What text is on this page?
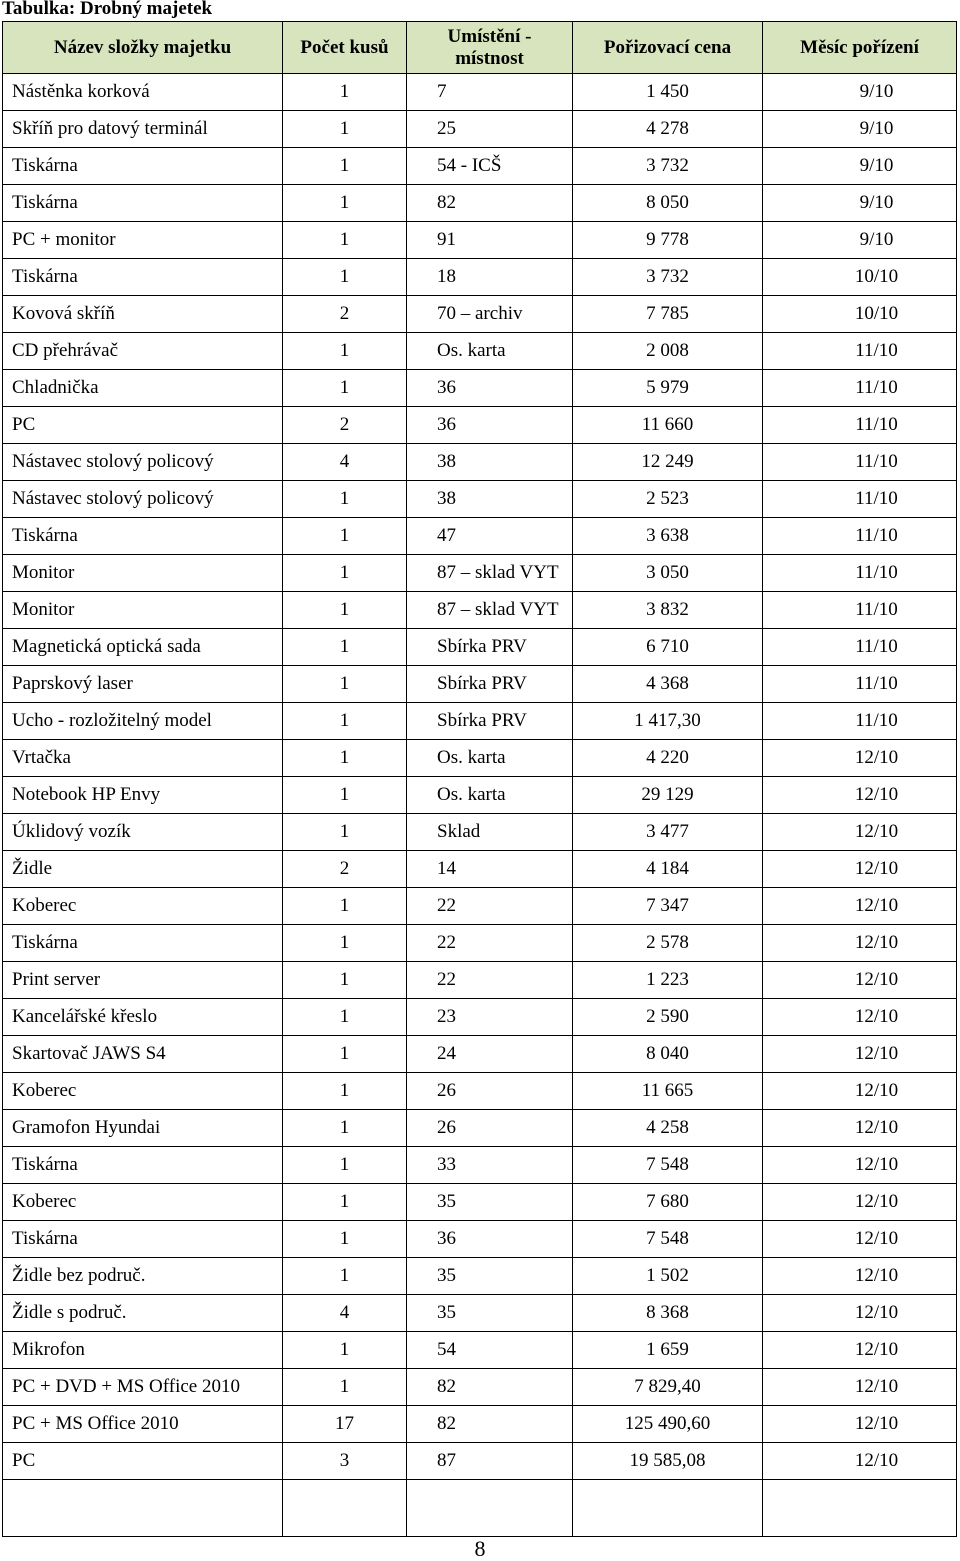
Tabulka: Drobný majetek
Název složky majetku	Počet kusů	Umístění - místnost	Pořizovací cena	Měsíc pořízení
Nástěnka korková	1	7	1 450	9/10
Skříň pro datový terminál	1	25	4 278	9/10
Tiskárna	1	54 - ICŠ	3 732	9/10
Tiskárna	1	82	8 050	9/10
PC + monitor	1	91	9 778	9/10
Tiskárna	1	18	3 732	10/10
Kovová skříň	2	70 – archiv	7 785	10/10
CD přehrávač	1	Os. karta	2 008	11/10
Chladnička	1	36	5 979	11/10
PC	2	36	11 660	11/10
Nástavec stolový policový	4	38	12 249	11/10
Nástavec stolový policový	1	38	2 523	11/10
Tiskárna	1	47	3 638	11/10
Monitor	1	87 – sklad VYT	3 050	11/10
Monitor	1	87 – sklad VYT	3 832	11/10
Magnetická optická sada	1	Sbírka PRV	6 710	11/10
Paprskový laser	1	Sbírka PRV	4 368	11/10
Ucho - rozložitelný model	1	Sbírka PRV	1 417,30	11/10
Vrtačka	1	Os. karta	4 220	12/10
Notebook HP Envy	1	Os. karta	29 129	12/10
Úklidový vozík	1	Sklad	3 477	12/10
Židle	2	14	4 184	12/10
Koberec	1	22	7 347	12/10
Tiskárna	1	22	2 578	12/10
Print server	1	22	1 223	12/10
Kancelářské křeslo	1	23	2 590	12/10
Skartovač JAWS S4	1	24	8 040	12/10
Koberec	1	26	11 665	12/10
Gramofon Hyundai	1	26	4 258	12/10
Tiskárna	1	33	7 548	12/10
Koberec	1	35	7 680	12/10
Tiskárna	1	36	7 548	12/10
Židle bez područ.	1	35	1 502	12/10
Židle s područ.	4	35	8 368	12/10
Mikrofon	1	54	1 659	12/10
PC + DVD + MS Office 2010	1	82	7 829,40	12/10
PC + MS Office 2010	17	82	125 490,60	12/10
PC	3	87	19 585,08	12/10

8
